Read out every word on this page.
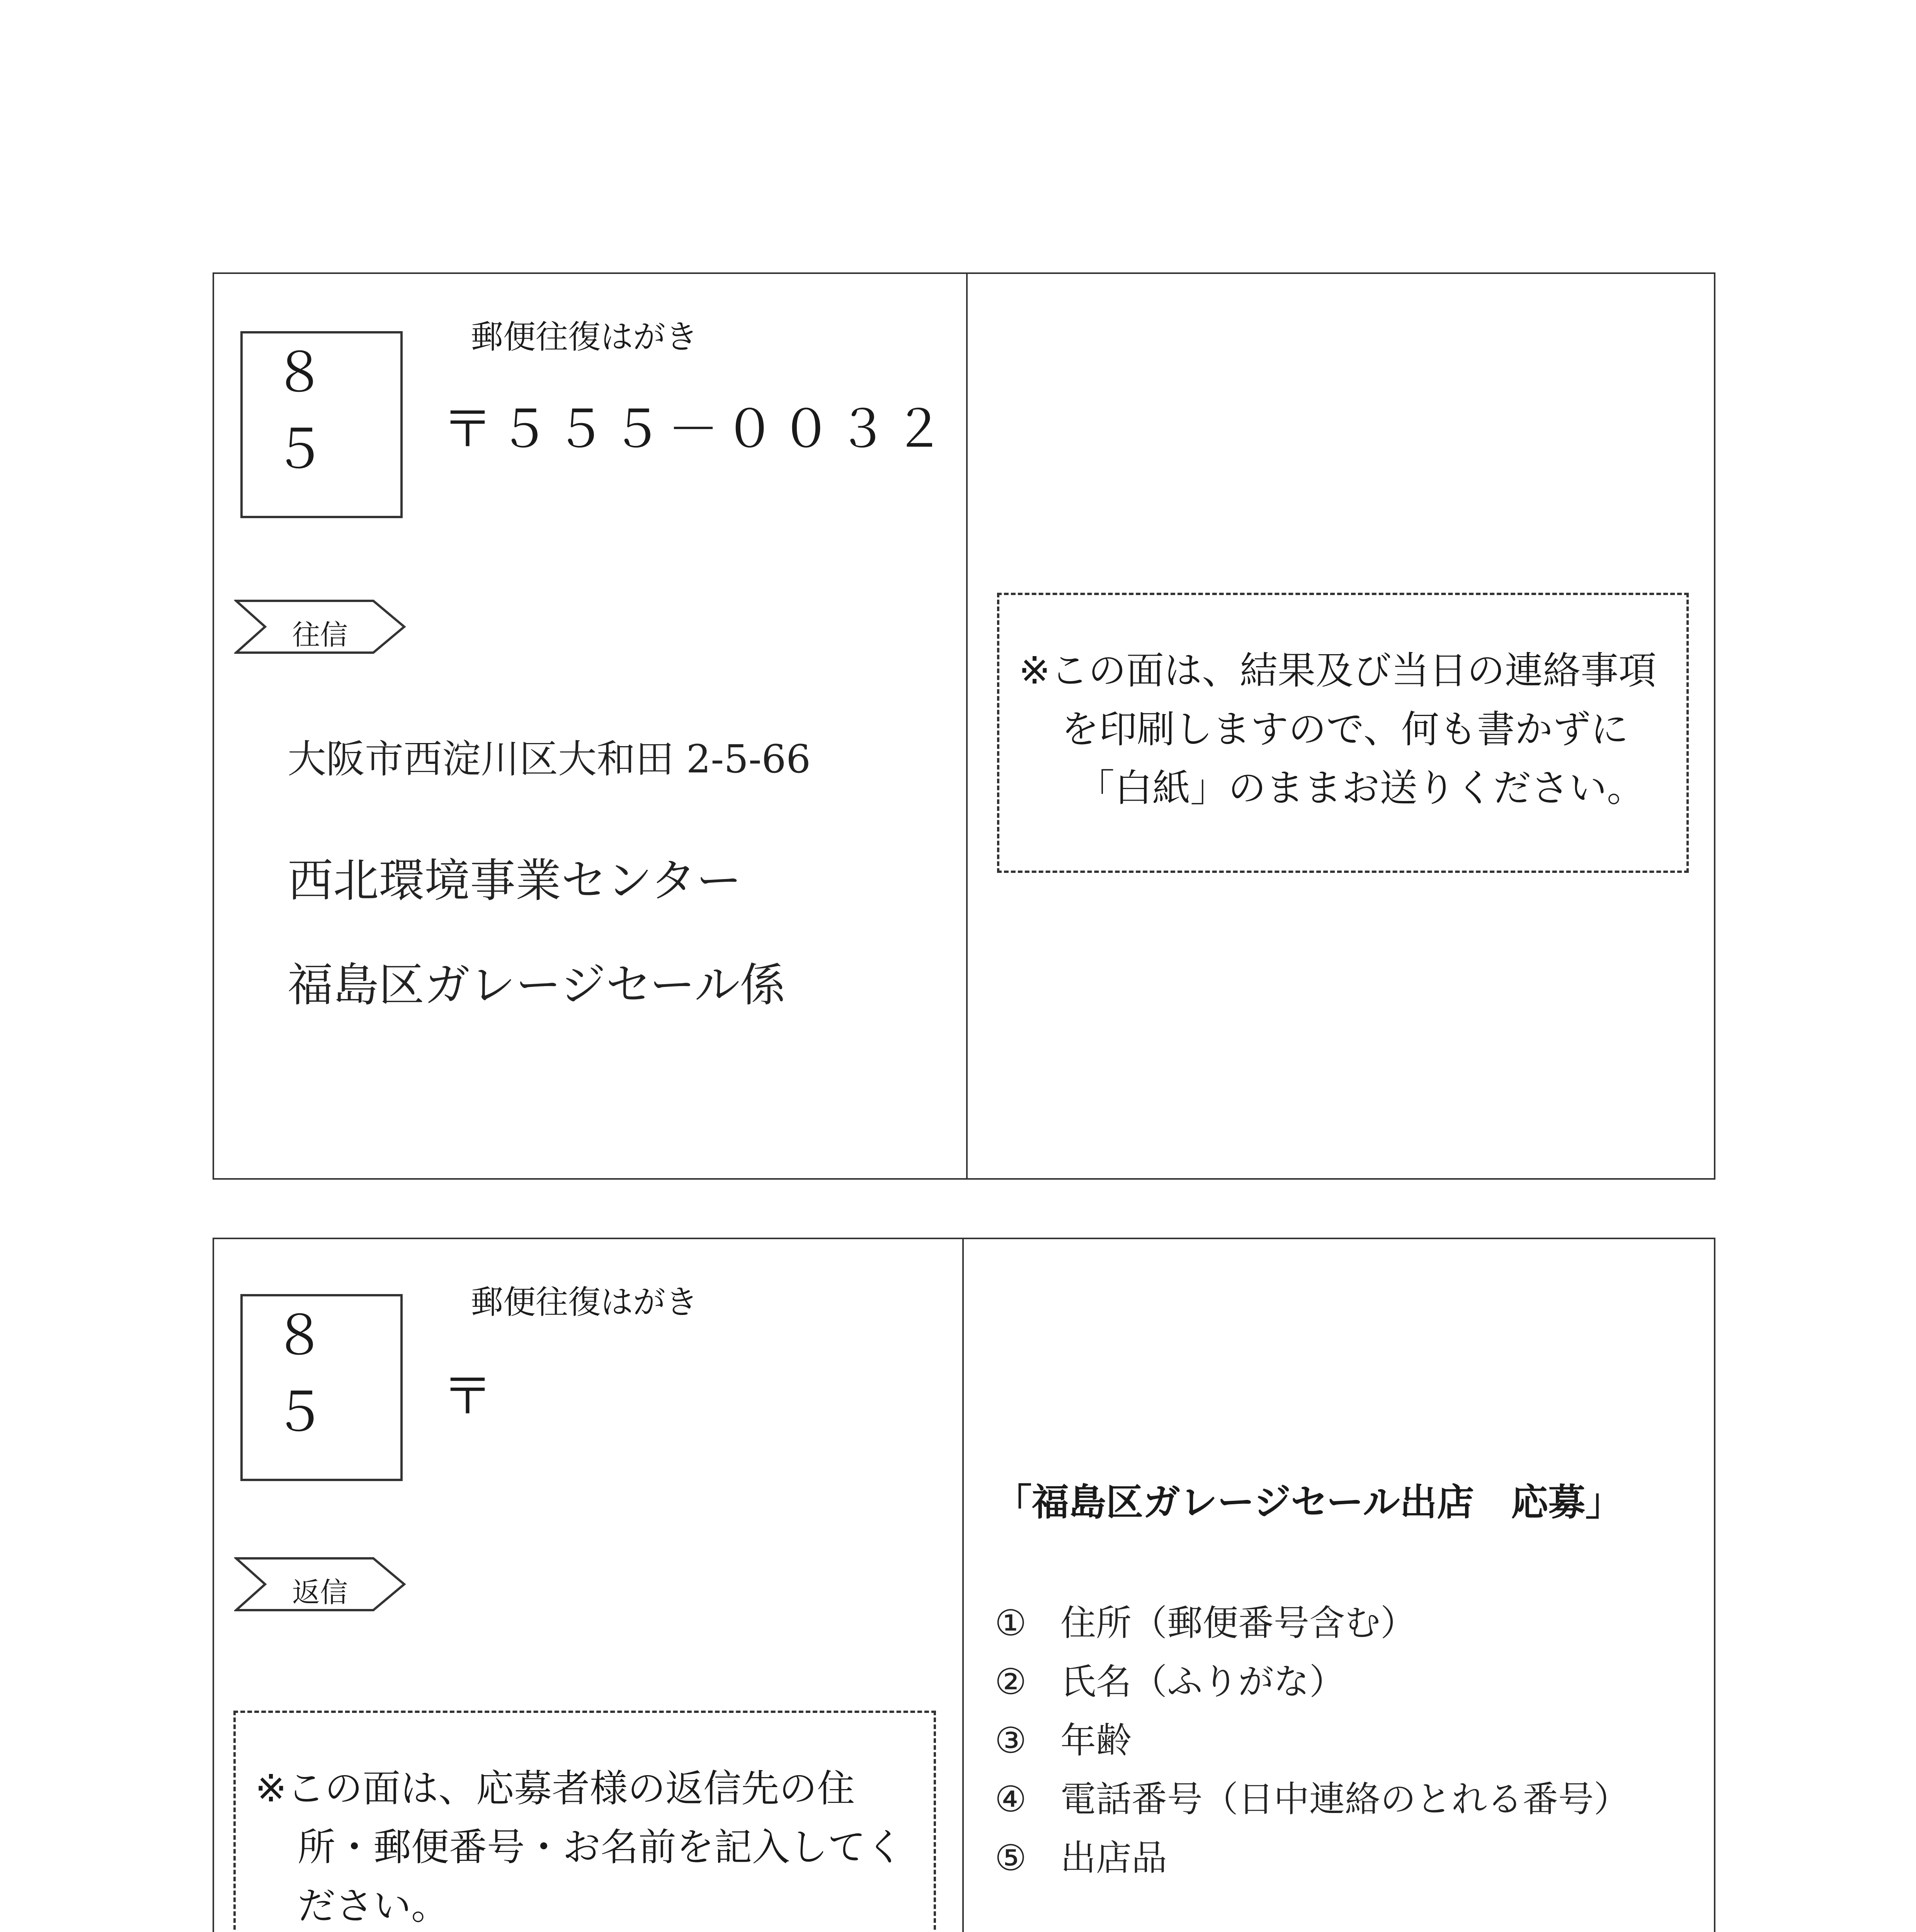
８５
郵便往復はがき
〒５５５－００３２
往信
大阪市西淀川区大和田 2-5-66
西北環境事業センター
福島区ガレージセール係
※この面は、結果及び当日の連絡事項
を印刷しますので、何も書かずに
「白紙」のままお送りください。
８５
郵便往復はがき
〒
返信
※この面は、応募者様の返信先の住
所・郵便番号・お名前を記入してく
ださい。
「福島区ガレージセール出店　応募」
① 住所（郵便番号含む）
② 氏名（ふりがな）
③ 年齢
④ 電話番号（日中連絡のとれる番号）
⑤ 出店品
